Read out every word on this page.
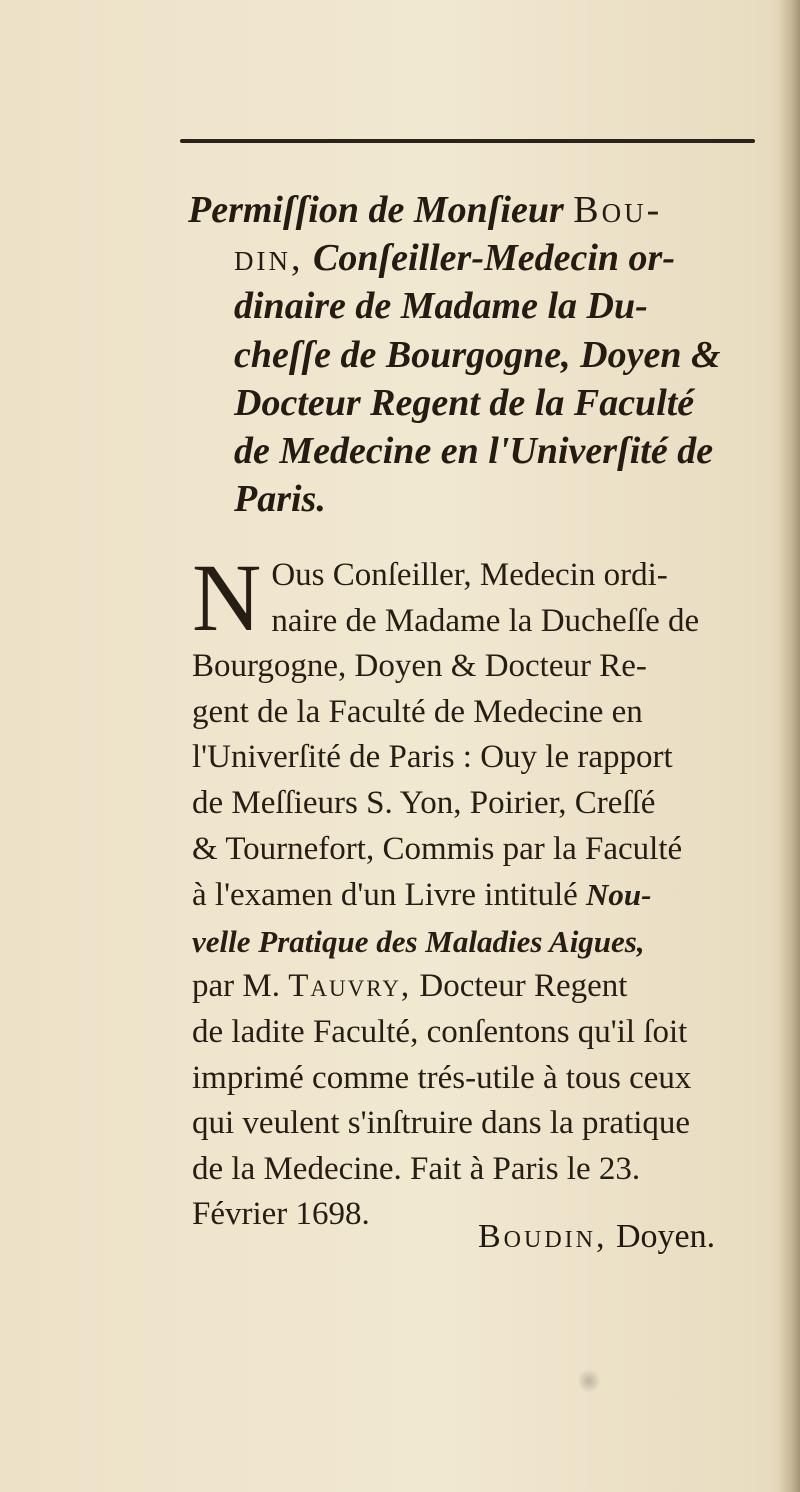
Permiſſion de Monſieur Bou-
din, Conſeiller-Medecin or-
dinaire de Madame la Du-
cheſſe de Bourgogne, Doyen &
Docteur Regent de la Faculté
de Medecine en l'Univerſité de
Paris.
N Ous Conſeiller, Medecin ordi-
naire de Madame la Ducheſſe de
Bourgogne, Doyen & Docteur Re-
gent de la Faculté de Medecine en
l'Univerſité de Paris : Ouy le rapport
de Meſſieurs S. Yon, Poirier, Creſſé
& Tournefort, Commis par la Faculté
à l'examen d'un Livre intitulé Nou-
velle Pratique des Maladies Aigues,
par M. Tauvry, Docteur Regent
de ladite Faculté, conſentons qu'il ſoit
imprimé comme trés-utile à tous ceux
qui veulent s'inſtruire dans la pratique
de la Medecine. Fait à Paris le 23.
Février 1698.
Boudin, Doyen.
